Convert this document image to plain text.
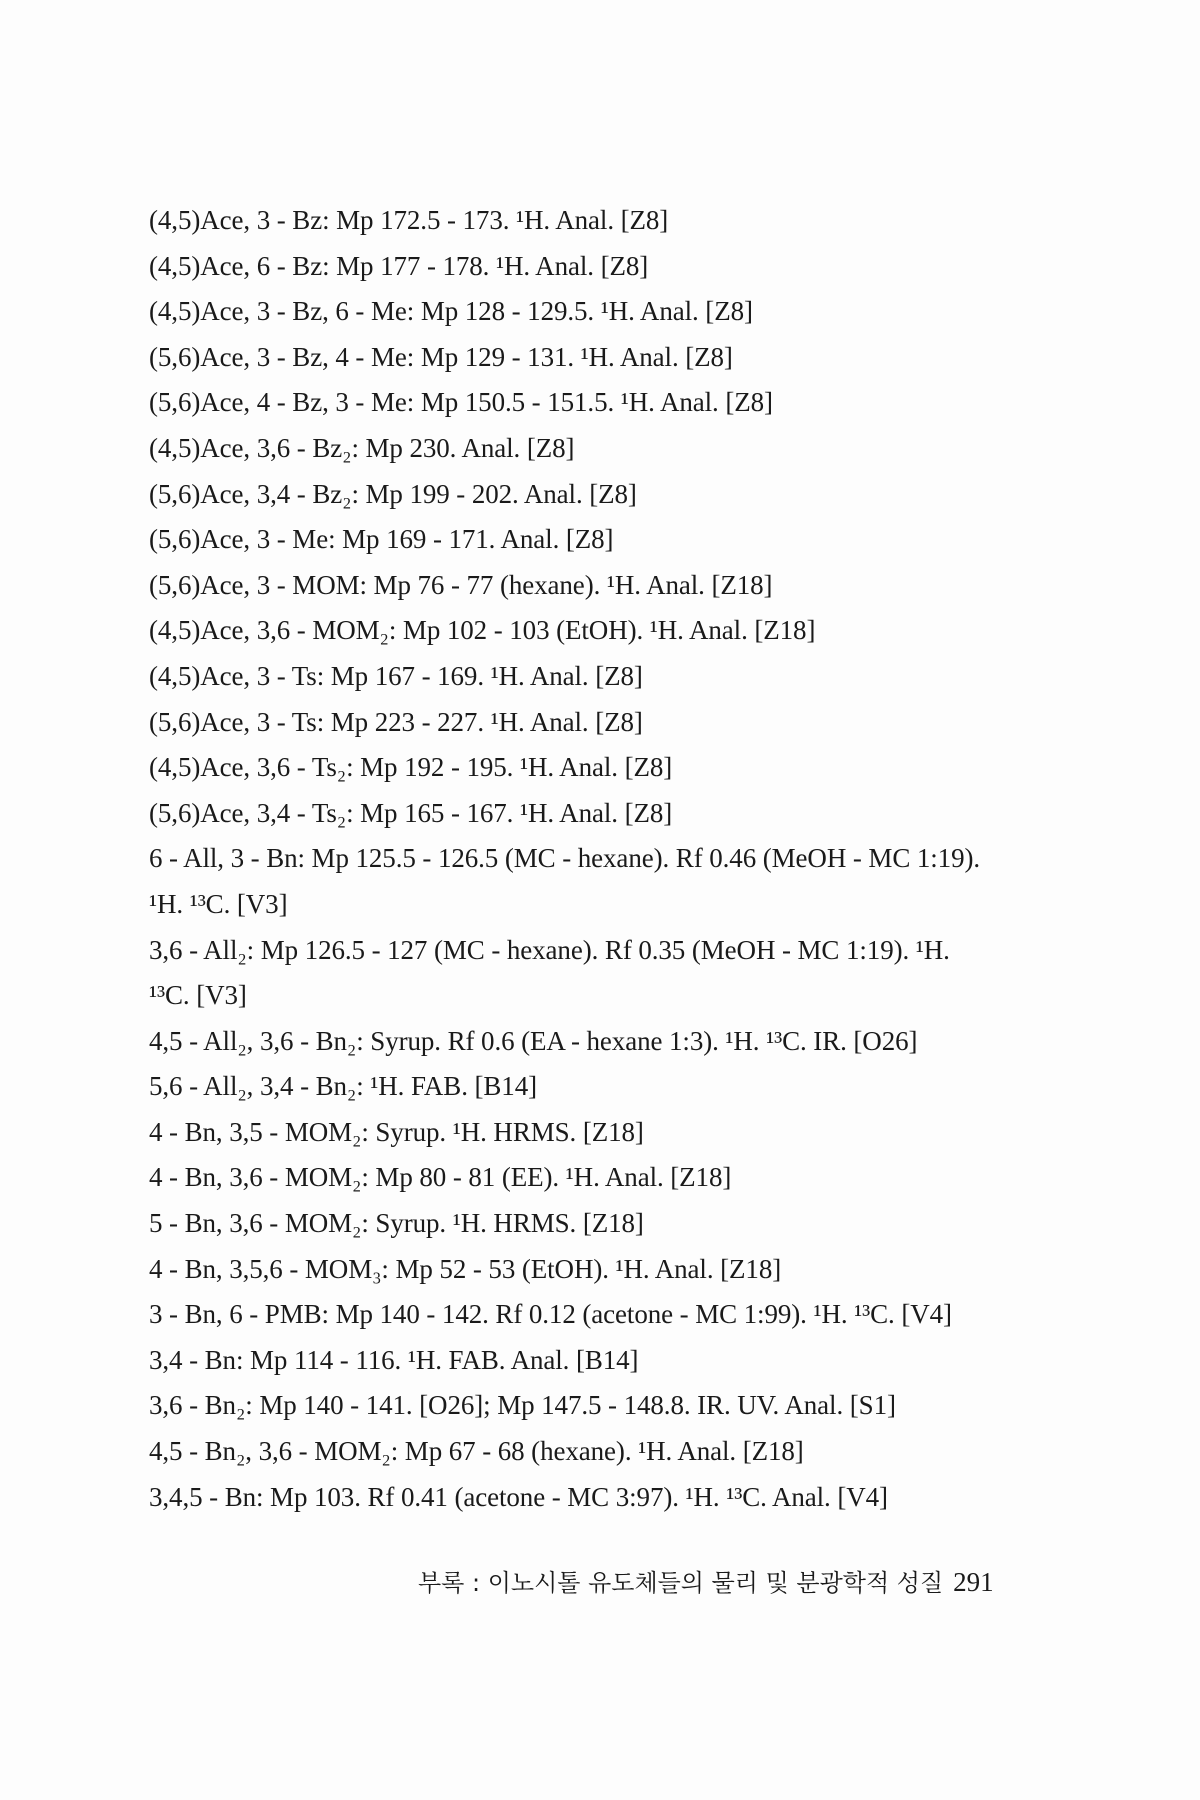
(4,5)Ace, 3 - Bz: Mp 172.5 - 173. ¹H. Anal. [Z8]
(4,5)Ace, 6 - Bz: Mp 177 - 178. ¹H. Anal. [Z8]
(4,5)Ace, 3 - Bz, 6 - Me: Mp 128 - 129.5. ¹H. Anal. [Z8]
(5,6)Ace, 3 - Bz, 4 - Me: Mp 129 - 131. ¹H. Anal. [Z8]
(5,6)Ace, 4 - Bz, 3 - Me: Mp 150.5 - 151.5. ¹H. Anal. [Z8]
(4,5)Ace, 3,6 - Bz₂: Mp 230. Anal. [Z8]
(5,6)Ace, 3,4 - Bz₂: Mp 199 - 202. Anal. [Z8]
(5,6)Ace, 3 - Me: Mp 169 - 171. Anal. [Z8]
(5,6)Ace, 3 - MOM: Mp 76 - 77 (hexane). ¹H. Anal. [Z18]
(4,5)Ace, 3,6 - MOM₂: Mp 102 - 103 (EtOH). ¹H. Anal. [Z18]
(4,5)Ace, 3 - Ts: Mp 167 - 169. ¹H. Anal. [Z8]
(5,6)Ace, 3 - Ts: Mp 223 - 227. ¹H. Anal. [Z8]
(4,5)Ace, 3,6 - Ts₂: Mp 192 - 195. ¹H. Anal. [Z8]
(5,6)Ace, 3,4 - Ts₂: Mp 165 - 167. ¹H. Anal. [Z8]
6 - All, 3 - Bn: Mp 125.5 - 126.5 (MC - hexane). Rf 0.46 (MeOH - MC 1:19).
¹H. ¹³C. [V3]
3,6 - All₂: Mp 126.5 - 127 (MC - hexane). Rf 0.35 (MeOH - MC 1:19). ¹H.
¹³C. [V3]
4,5 - All₂, 3,6 - Bn₂: Syrup. Rf 0.6 (EA - hexane 1:3). ¹H. ¹³C. IR. [O26]
5,6 - All₂, 3,4 - Bn₂: ¹H. FAB. [B14]
4 - Bn, 3,5 - MOM₂: Syrup. ¹H. HRMS. [Z18]
4 - Bn, 3,6 - MOM₂: Mp 80 - 81 (EE). ¹H. Anal. [Z18]
5 - Bn, 3,6 - MOM₂: Syrup. ¹H. HRMS. [Z18]
4 - Bn, 3,5,6 - MOM₃: Mp 52 - 53 (EtOH). ¹H. Anal. [Z18]
3 - Bn, 6 - PMB: Mp 140 - 142. Rf 0.12 (acetone - MC 1:99). ¹H. ¹³C. [V4]
3,4 - Bn: Mp 114 - 116. ¹H. FAB. Anal. [B14]
3,6 - Bn₂: Mp 140 - 141. [O26]; Mp 147.5 - 148.8. IR. UV. Anal. [S1]
4,5 - Bn₂, 3,6 - MOM₂: Mp 67 - 68 (hexane). ¹H. Anal. [Z18]
3,4,5 - Bn: Mp 103. Rf 0.41 (acetone - MC 3:97). ¹H. ¹³C. Anal. [V4]
부록 : 이노시톨 유도체들의 물리 및 분광학적 성질 291
